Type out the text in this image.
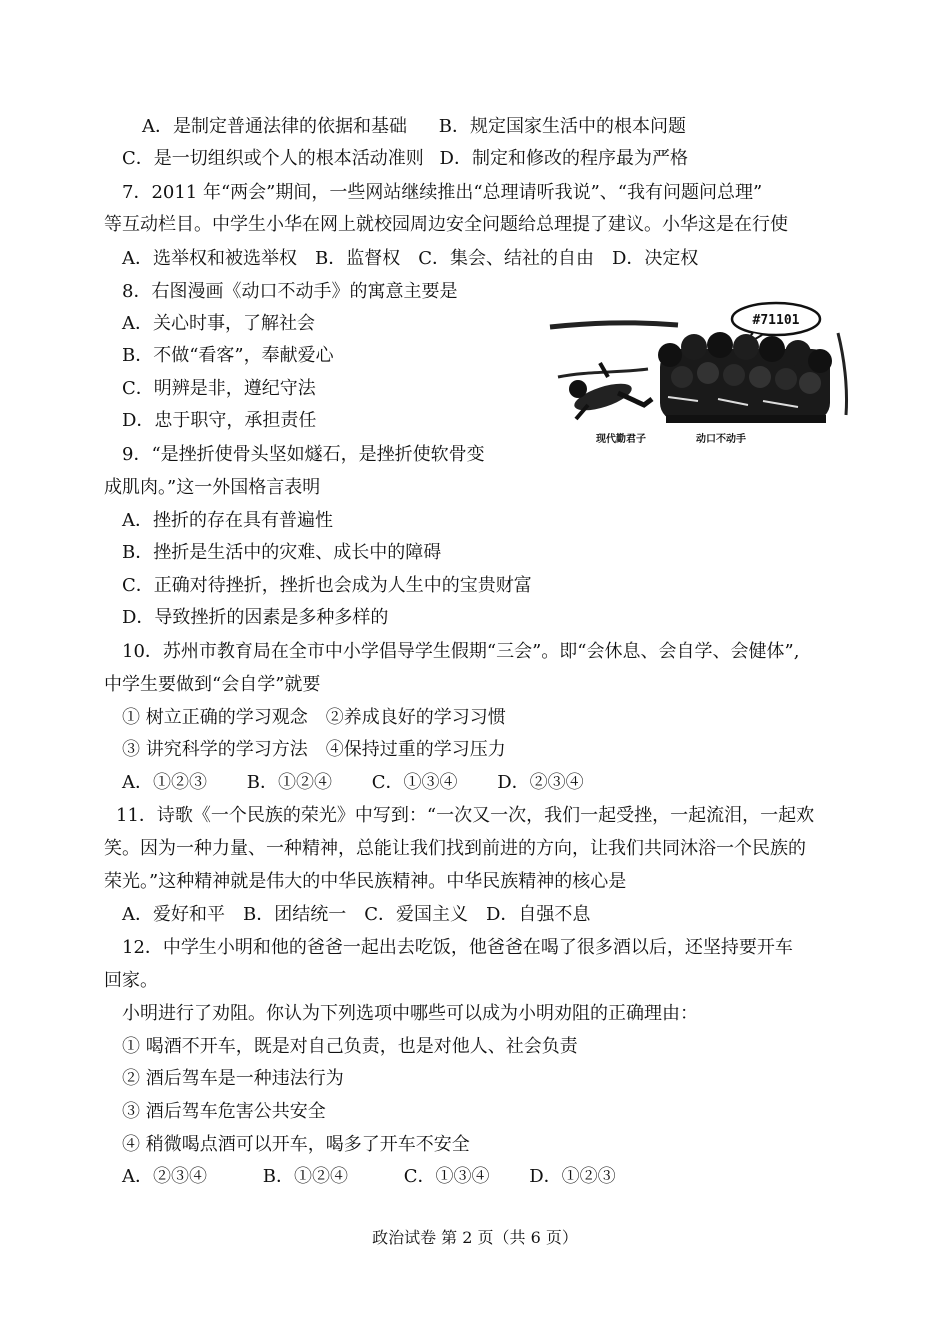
A．是制定普通法律的依据和基础 B．规定国家生活中的根本问题
C．是一切组织或个人的根本活动准则 D．制定和修改的程序最为严格
7．2011 年“两会”期间，一些网站继续推出“总理请听我说”、“我有问题问总理”
等互动栏目。中学生小华在网上就校园周边安全问题给总理提了建议。小华这是在行使
A．选举权和被选举权　B．监督权　C．集会、结社的自由　D．决定权
8．右图漫画《动口不动手》的寓意主要是
A．关心时事，了解社会
B．不做“看客”，奉献爱心
C．明辨是非，遵纪守法
D．忠于职守，承担责任
#71101
现代勤君子	动口不动手
9．“是挫折使骨头坚如燧石，是挫折使软骨变
成肌肉。”这一外国格言表明
A．挫折的存在具有普遍性
B．挫折是生活中的灾难、成长中的障碍
C．正确对待挫折，挫折也会成为人生中的宝贵财富
D．导致挫折的因素是多种多样的
10．苏州市教育局在全市中小学倡导学生假期“三会”。即“会休息、会自学、会健体”,
中学生要做到“会自学”就要
① 树立正确的学习观念　②养成良好的学习习惯
③ 讲究科学的学习方法　④保持过重的学习压力
A．①②③ B．①②④ C．①③④ D．②③④
11．诗歌《一个民族的荣光》中写到：“一次又一次，我们一起受挫，一起流泪，一起欢
笑。因为一种力量、一种精神，总能让我们找到前进的方向，让我们共同沐浴一个民族的
荣光。”这种精神就是伟大的中华民族精神。中华民族精神的核心是
A．爱好和平　B．团结统一　C．爱国主义　D．自强不息
12．中学生小明和他的爸爸一起出去吃饭，他爸爸在喝了很多酒以后，还坚持要开车
回家。
小明进行了劝阻。你认为下列选项中哪些可以成为小明劝阻的正确理由：
① 喝酒不开车，既是对自己负责，也是对他人、社会负责
② 酒后驾车是一种违法行为
③ 酒后驾车危害公共安全
④ 稍微喝点酒可以开车，喝多了开车不安全
A．②③④	B．①②④	C．①③④ D．①②③
政治试卷 第 2 页（共 6 页）
